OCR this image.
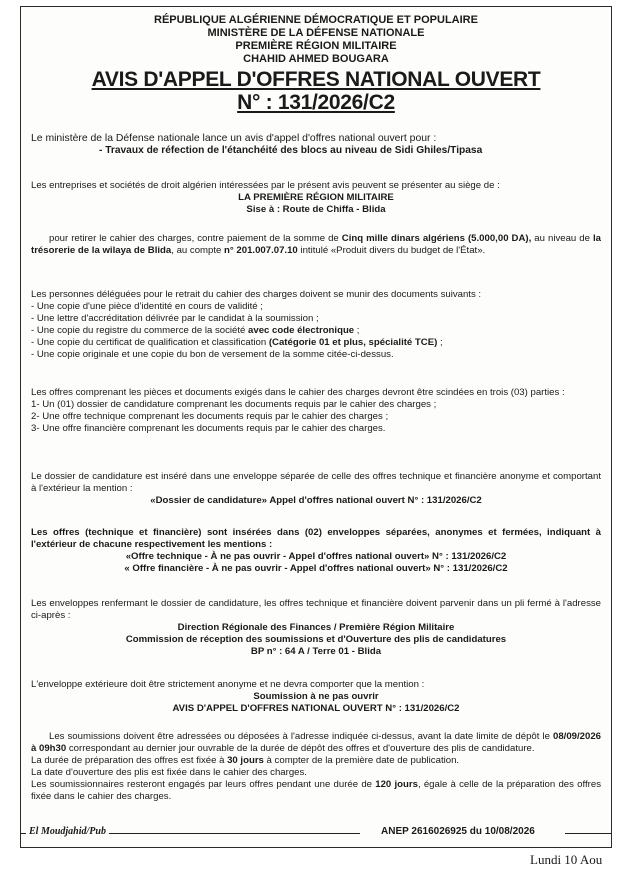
RÉPUBLIQUE ALGÉRIENNE DÉMOCRATIQUE ET POPULAIRE
MINISTÈRE DE LA DÉFENSE NATIONALE
PREMIÈRE RÉGION MILITAIRE
CHAHID AHMED BOUGARA
AVIS D'APPEL D'OFFRES NATIONAL OUVERT
N° : 131/2026/C2
Le ministère de la Défense nationale lance un avis d'appel d'offres national ouvert pour :
- Travaux de réfection de l'étanchéité des blocs au niveau de Sidi Ghiles/Tipasa
Les entreprises et sociétés de droit algérien intéressées par le présent avis peuvent se présenter au siège de :
LA PREMIÈRE RÉGION MILITAIRE
Sise à : Route de Chiffa - Blida
pour retirer le cahier des charges, contre paiement de la somme de Cinq mille dinars algériens (5.000,00 DA), au niveau de la trésorerie de la wilaya de Blida, au compte n° 201.007.07.10 intitulé «Produit divers du budget de l'État».
Les personnes déléguées pour le retrait du cahier des charges doivent se munir des documents suivants :
- Une copie d'une pièce d'identité en cours de validité ;
- Une lettre d'accréditation délivrée par le candidat à la soumission ;
- Une copie du registre du commerce de la société avec code électronique ;
- Une copie du certificat de qualification et classification (Catégorie 01 et plus, spécialité TCE) ;
- Une copie originale et une copie du bon de versement de la somme citée-ci-dessus.
Les offres comprenant les pièces et documents exigés dans le cahier des charges devront être scindées en trois (03) parties :
1- Un (01) dossier de candidature comprenant les documents requis par le cahier des charges ;
2- Une offre technique comprenant les documents requis par le cahier des charges ;
3- Une offre financière comprenant les documents requis par le cahier des charges.
Le dossier de candidature est inséré dans une enveloppe séparée de celle des offres technique et financière anonyme et comportant à l'extérieur la mention :
«Dossier de candidature» Appel d'offres national ouvert N° : 131/2026/C2
Les offres (technique et financière) sont insérées dans (02) enveloppes séparées, anonymes et fermées, indiquant à l'extérieur de chacune respectivement les mentions :
«Offre technique - À ne pas ouvrir - Appel d'offres national ouvert» N° : 131/2026/C2
« Offre financière - À ne pas ouvrir - Appel d'offres national ouvert» N° : 131/2026/C2
Les enveloppes renfermant le dossier de candidature, les offres technique et financière doivent parvenir dans un pli fermé à l'adresse ci-après :
Direction Régionale des Finances / Première Région Militaire
Commission de réception des soumissions et d'Ouverture des plis de candidatures
BP n° : 64 A / Terre 01 - Blida
L'enveloppe extérieure doit être strictement anonyme et ne devra comporter que la mention :
Soumission à ne pas ouvrir
AVIS D'APPEL D'OFFRES NATIONAL OUVERT N° : 131/2026/C2
Les soumissions doivent être adressées ou déposées à l'adresse indiquée ci-dessus, avant la date limite de dépôt le 08/09/2026 à 09h30 correspondant au dernier jour ouvrable de la durée de dépôt des offres et d'ouverture des plis de candidature.
La durée de préparation des offres est fixée à 30 jours à compter de la première date de publication.
La date d'ouverture des plis est fixée dans le cahier des charges.
Les soumissionnaires resteront engagés par leurs offres pendant une durée de 120 jours, égale à celle de la préparation des offres fixée dans le cahier des charges.
El Moudjahid/Pub	ANEP 2616026925 du 10/08/2026
Lundi 10 Aou
